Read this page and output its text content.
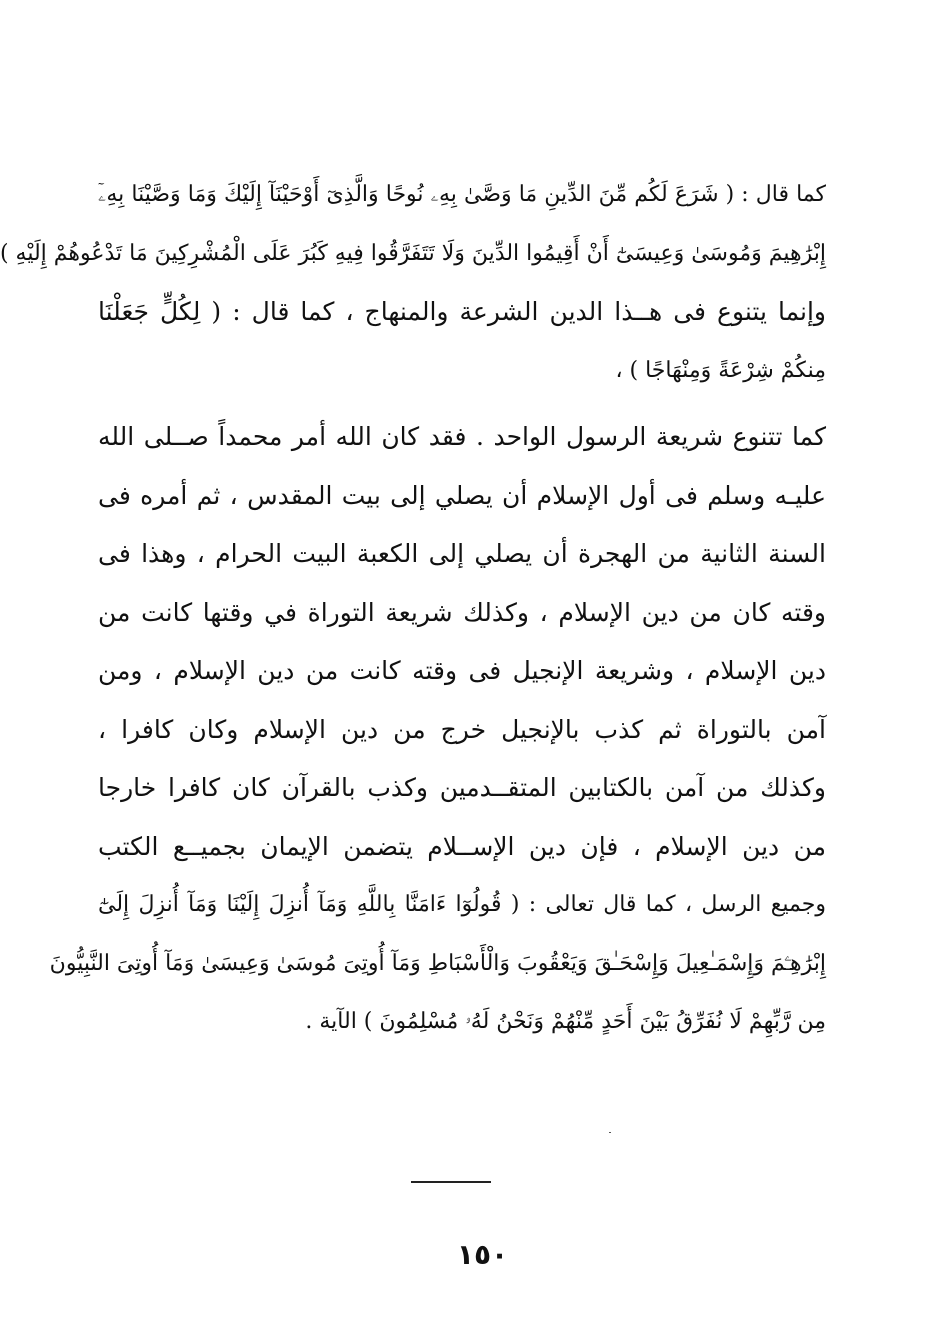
كما قال : ( شَرَعَ لَكُم مِّنَ الدِّينِ مَا وَصَّىٰ بِهِۦ نُوحًا وَالَّذِىٓ أَوْحَيْنَآ إِلَيْكَ وَمَا وَصَّيْنَا بِهِۦٓ
إِبْرَٰهِيمَ وَمُوسَىٰ وَعِيسَىٰٓ أَنْ أَقِيمُوا الدِّينَ وَلَا تَتَفَرَّقُوا فِيهِ كَبُرَ عَلَى الْمُشْرِكِينَ مَا تَدْعُوهُمْ إِلَيْهِ )
وإنما يتنوع فى هــذا الدين الشرعة والمنهاج ، كما قال : ( لِكُلٍّ جَعَلْنَا
مِنكُمْ شِرْعَةً وَمِنْهَاجًا ) ،
كما تتنوع شريعة الرسول الواحد . فقد كان الله أمر محمداً صــلى الله
عليـه وسلم فى أول الإسلام أن يصلي إلى بيت المقدس ، ثم أمره فى
السنة الثانية من الهجرة أن يصلي إلى الكعبة البيت الحرام ، وهذا فى
وقته كان من دين الإسلام ، وكذلك شريعة التوراة في وقتها كانت من
دين الإسلام ، وشريعة الإنجيل فى وقته كانت من دين الإسلام ، ومن
آمن بالتوراة ثم كذب بالإنجيل خرج من دين الإسلام وكان كافرا ،
وكذلك من آمن بالكتابين المتقــدمين وكذب بالقرآن كان كافرا خارجا
من دين الإسلام ، فإن دين الإســلام يتضمن الإيمان بجميــع الكتب
وجميع الرسل ، كما قال تعالى : ( قُولُوٓا ءَامَنَّا بِاللَّهِ وَمَآ أُنزِلَ إِلَيْنَا وَمَآ أُنزِلَ إِلَىٰٓ
إِبْرَٰهِـۧمَ وَإِسْمَـٰعِيلَ وَإِسْحَـٰقَ وَيَعْقُوبَ وَالْأَسْبَاطِ وَمَآ أُوتِىَ مُوسَىٰ وَعِيسَىٰ وَمَآ أُوتِىَ النَّبِيُّونَ
مِن رَّبِّهِمْ لَا نُفَرِّقُ بَيْنَ أَحَدٍ مِّنْهُمْ وَنَحْنُ لَهُۥ مُسْلِمُونَ ) الآية .
١٥٠
